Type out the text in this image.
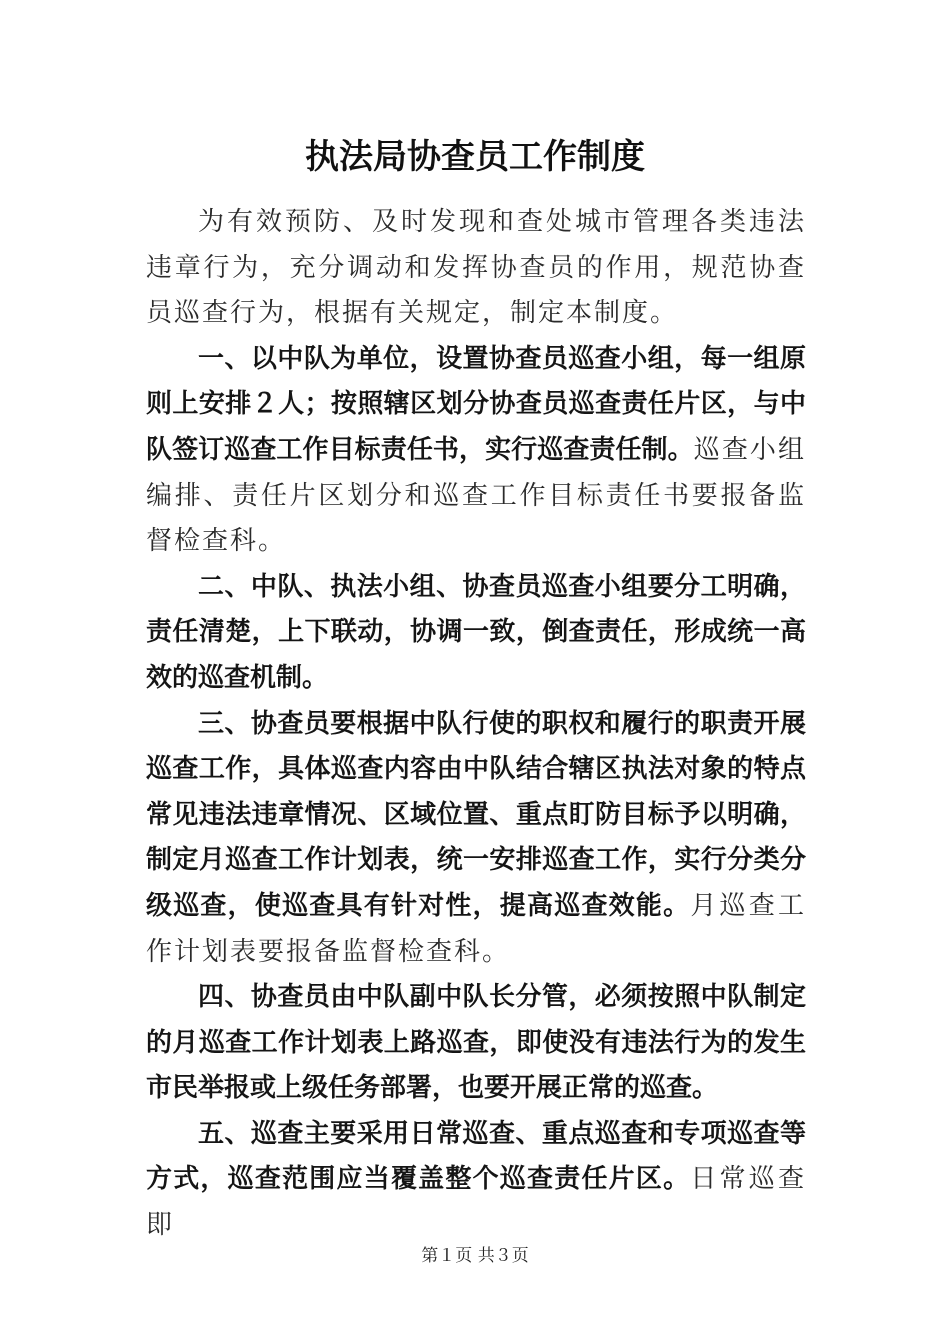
执法局协查员工作制度

为有效预防、及时发现和查处城市管理各类违法违章行为，充分调动和发挥协查员的作用，规范协查员巡查行为，根据有关规定，制定本制度。

一、以中队为单位，设置协查员巡查小组，每一组原则上安排２人；按照辖区划分协查员巡查责任片区，与中队签订巡查工作目标责任书，实行巡查责任制。巡查小组编排、责任片区划分和巡查工作目标责任书要报备监督检查科。

二、中队、执法小组、协查员巡查小组要分工明确，责任清楚，上下联动，协调一致，倒查责任，形成统一高效的巡查机制。

三、协查员要根据中队行使的职权和履行的职责开展巡查工作，具体巡查内容由中队结合辖区执法对象的特点常见违法违章情况、区域位置、重点盯防目标予以明确，制定月巡查工作计划表，统一安排巡查工作，实行分类分级巡查，使巡查具有针对性，提高巡查效能。月巡查工作计划表要报备监督检查科。

四、协查员由中队副中队长分管，必须按照中队制定的月巡查工作计划表上路巡查，即使没有违法行为的发生市民举报或上级任务部署，也要开展正常的巡查。

五、巡查主要采用日常巡查、重点巡查和专项巡查等方式，巡查范围应当覆盖整个巡查责任片区。日常巡查即

第１页 共３页
